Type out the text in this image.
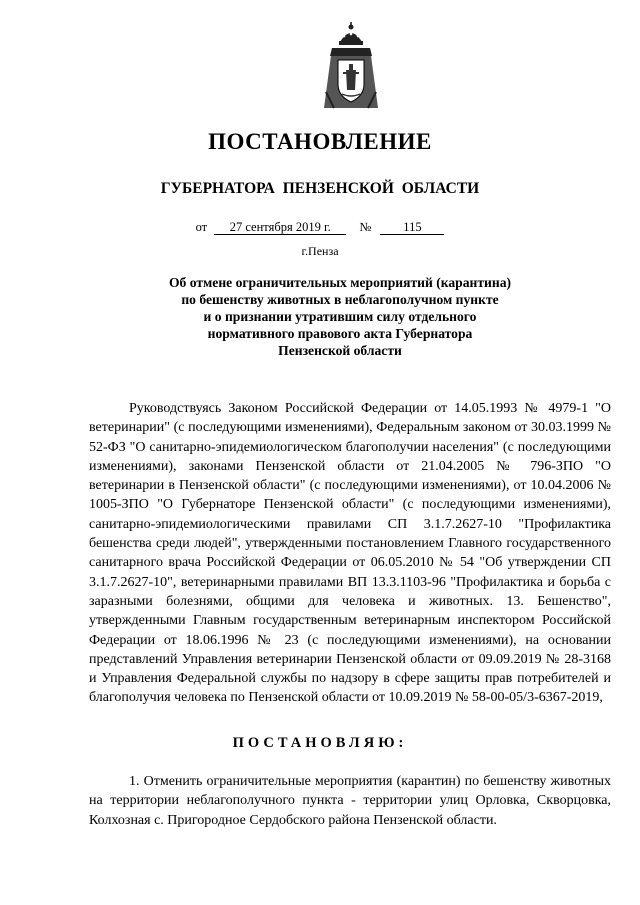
ПОСТАНОВЛЕНИЕ
ГУБЕРНАТОРА ПЕНЗЕНСКОЙ ОБЛАСТИ
от 27 сентября 2019 г. №	115
г.Пенза
Об отмене ограничительных мероприятий (карантина)
по бешенству животных в неблагополучном пункте
и о признании утратившим силу отдельного
нормативного правового акта Губернатора
Пензенской области

Руководствуясь Законом Российской Федерации от 14.05.1993 № 4979-1 "О ветеринарии" (с последующими изменениями), Федеральным законом от 30.03.1999 № 52-ФЗ "О санитарно-эпидемиологическом благополучии населения" (с последующими изменениями), законами Пензенской области от 21.04.2005 № 796-ЗПО "О ветеринарии в Пензенской области" (с последующими изменениями), от 10.04.2006 № 1005-ЗПО "О Губернаторе Пензенской области" (с последующими изменениями), санитарно-эпидемиологическими правилами СП 3.1.7.2627-10 "Профилактика бешенства среди людей", утвержденными постановлением Главного государственного санитарного врача Российской Федерации от 06.05.2010 № 54 "Об утверждении СП 3.1.7.2627-10", ветеринарными правилами ВП 13.3.1103-96 "Профилактика и борьба с заразными болезнями, общими для человека и животных. 13. Бешенство", утвержденными Главным государственным ветеринарным инспектором Российской Федерации от 18.06.1996 № 23 (с последующими изменениями), на основании представлений Управления ветеринарии Пензенской области от 09.09.2019 № 28-3168 и Управления Федеральной службы по надзору в сфере защиты прав потребителей и благополучия человека по Пензенской области от 10.09.2019 № 58-00-05/3-6367-2019,

ПОСТАНОВЛЯЮ:

1. Отменить ограничительные мероприятия (карантин) по бешенству животных на территории неблагополучного пункта - территории улиц Орловка, Скворцовка, Колхозная с. Пригородное Сердобского района Пензенской области.
